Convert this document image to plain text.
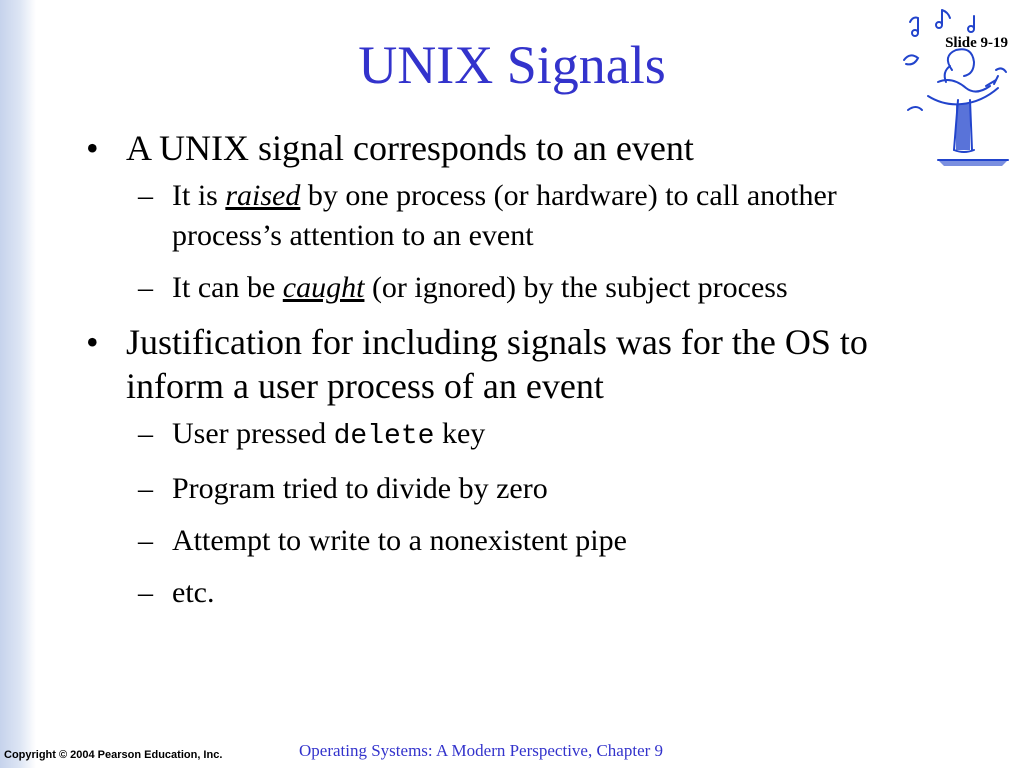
UNIX Signals	Slide 9-19
• A UNIX signal corresponds to an event
– It is raised by one process (or hardware) to call another process’s attention to an event
– It can be caught (or ignored) by the subject process
• Justification for including signals was for the OS to inform a user process of an event
– User pressed delete key
– Program tried to divide by zero
– Attempt to write to a nonexistent pipe
– etc.
Copyright © 2004 Pearson Education, Inc.	Operating Systems: A Modern Perspective, Chapter 9
